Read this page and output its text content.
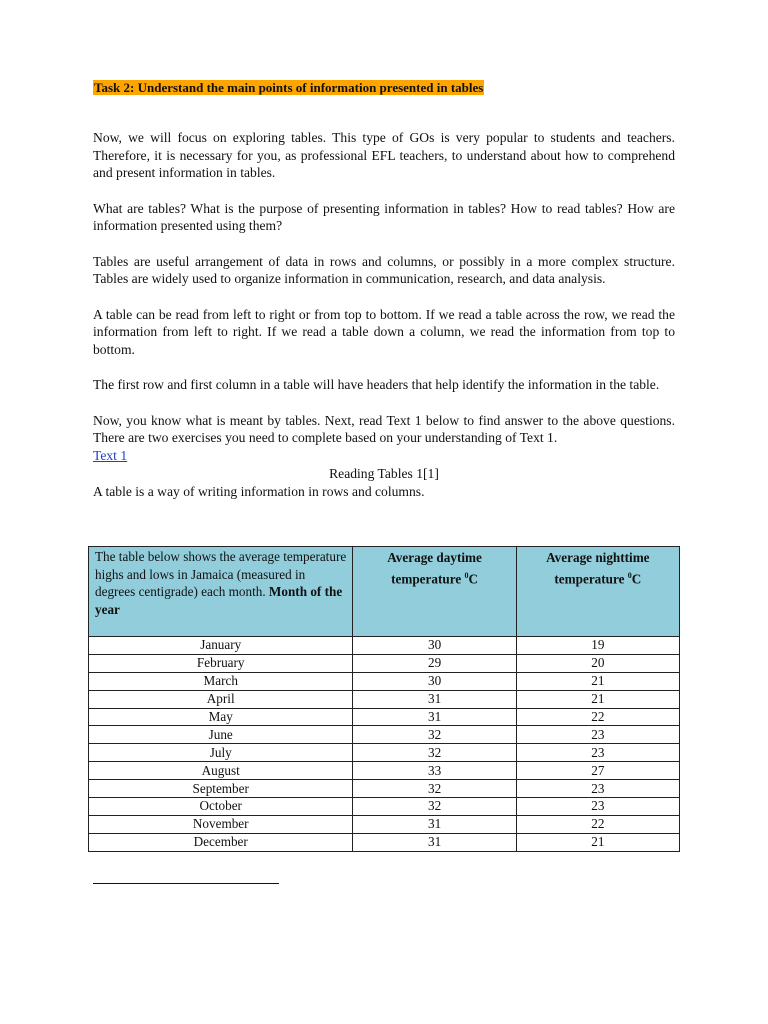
Task 2: Understand the main points of information presented in tables

Now, we will focus on exploring tables. This type of GOs is very popular to students and teachers. Therefore, it is necessary for you, as professional EFL teachers, to understand about how to comprehend and present information in tables.

What are tables? What is the purpose of presenting information in tables? How to read tables? How are information presented using them?

Tables are useful arrangement of data in rows and columns, or possibly in a more complex structure. Tables are widely used to organize information in communication, research, and data analysis.

A table can be read from left to right or from top to bottom. If we read a table across the row, we read the information from left to right. If we read a table down a column, we read the information from top to bottom.

The first row and first column in a table will have headers that help identify the information in the table.

Now, you know what is meant by tables. Next, read Text 1 below to find answer to the above questions. There are two exercises you need to complete based on your understanding of Text 1.

Text 1
Reading Tables 1[1]
A table is a way of writing information in rows and columns.
The table below shows the average temperature highs and lows in Jamaica (measured in degrees centigrade) each month. Month of the year	Average daytime temperature $^0$C	Average nighttime temperature $^0$C
January	30	19
February	29	20
March	30	21
April	31	21
May	31	22
June	32	23
July	32	23
August	33	27
September	32	23
October	32	23
November	31	22
December	31	21
